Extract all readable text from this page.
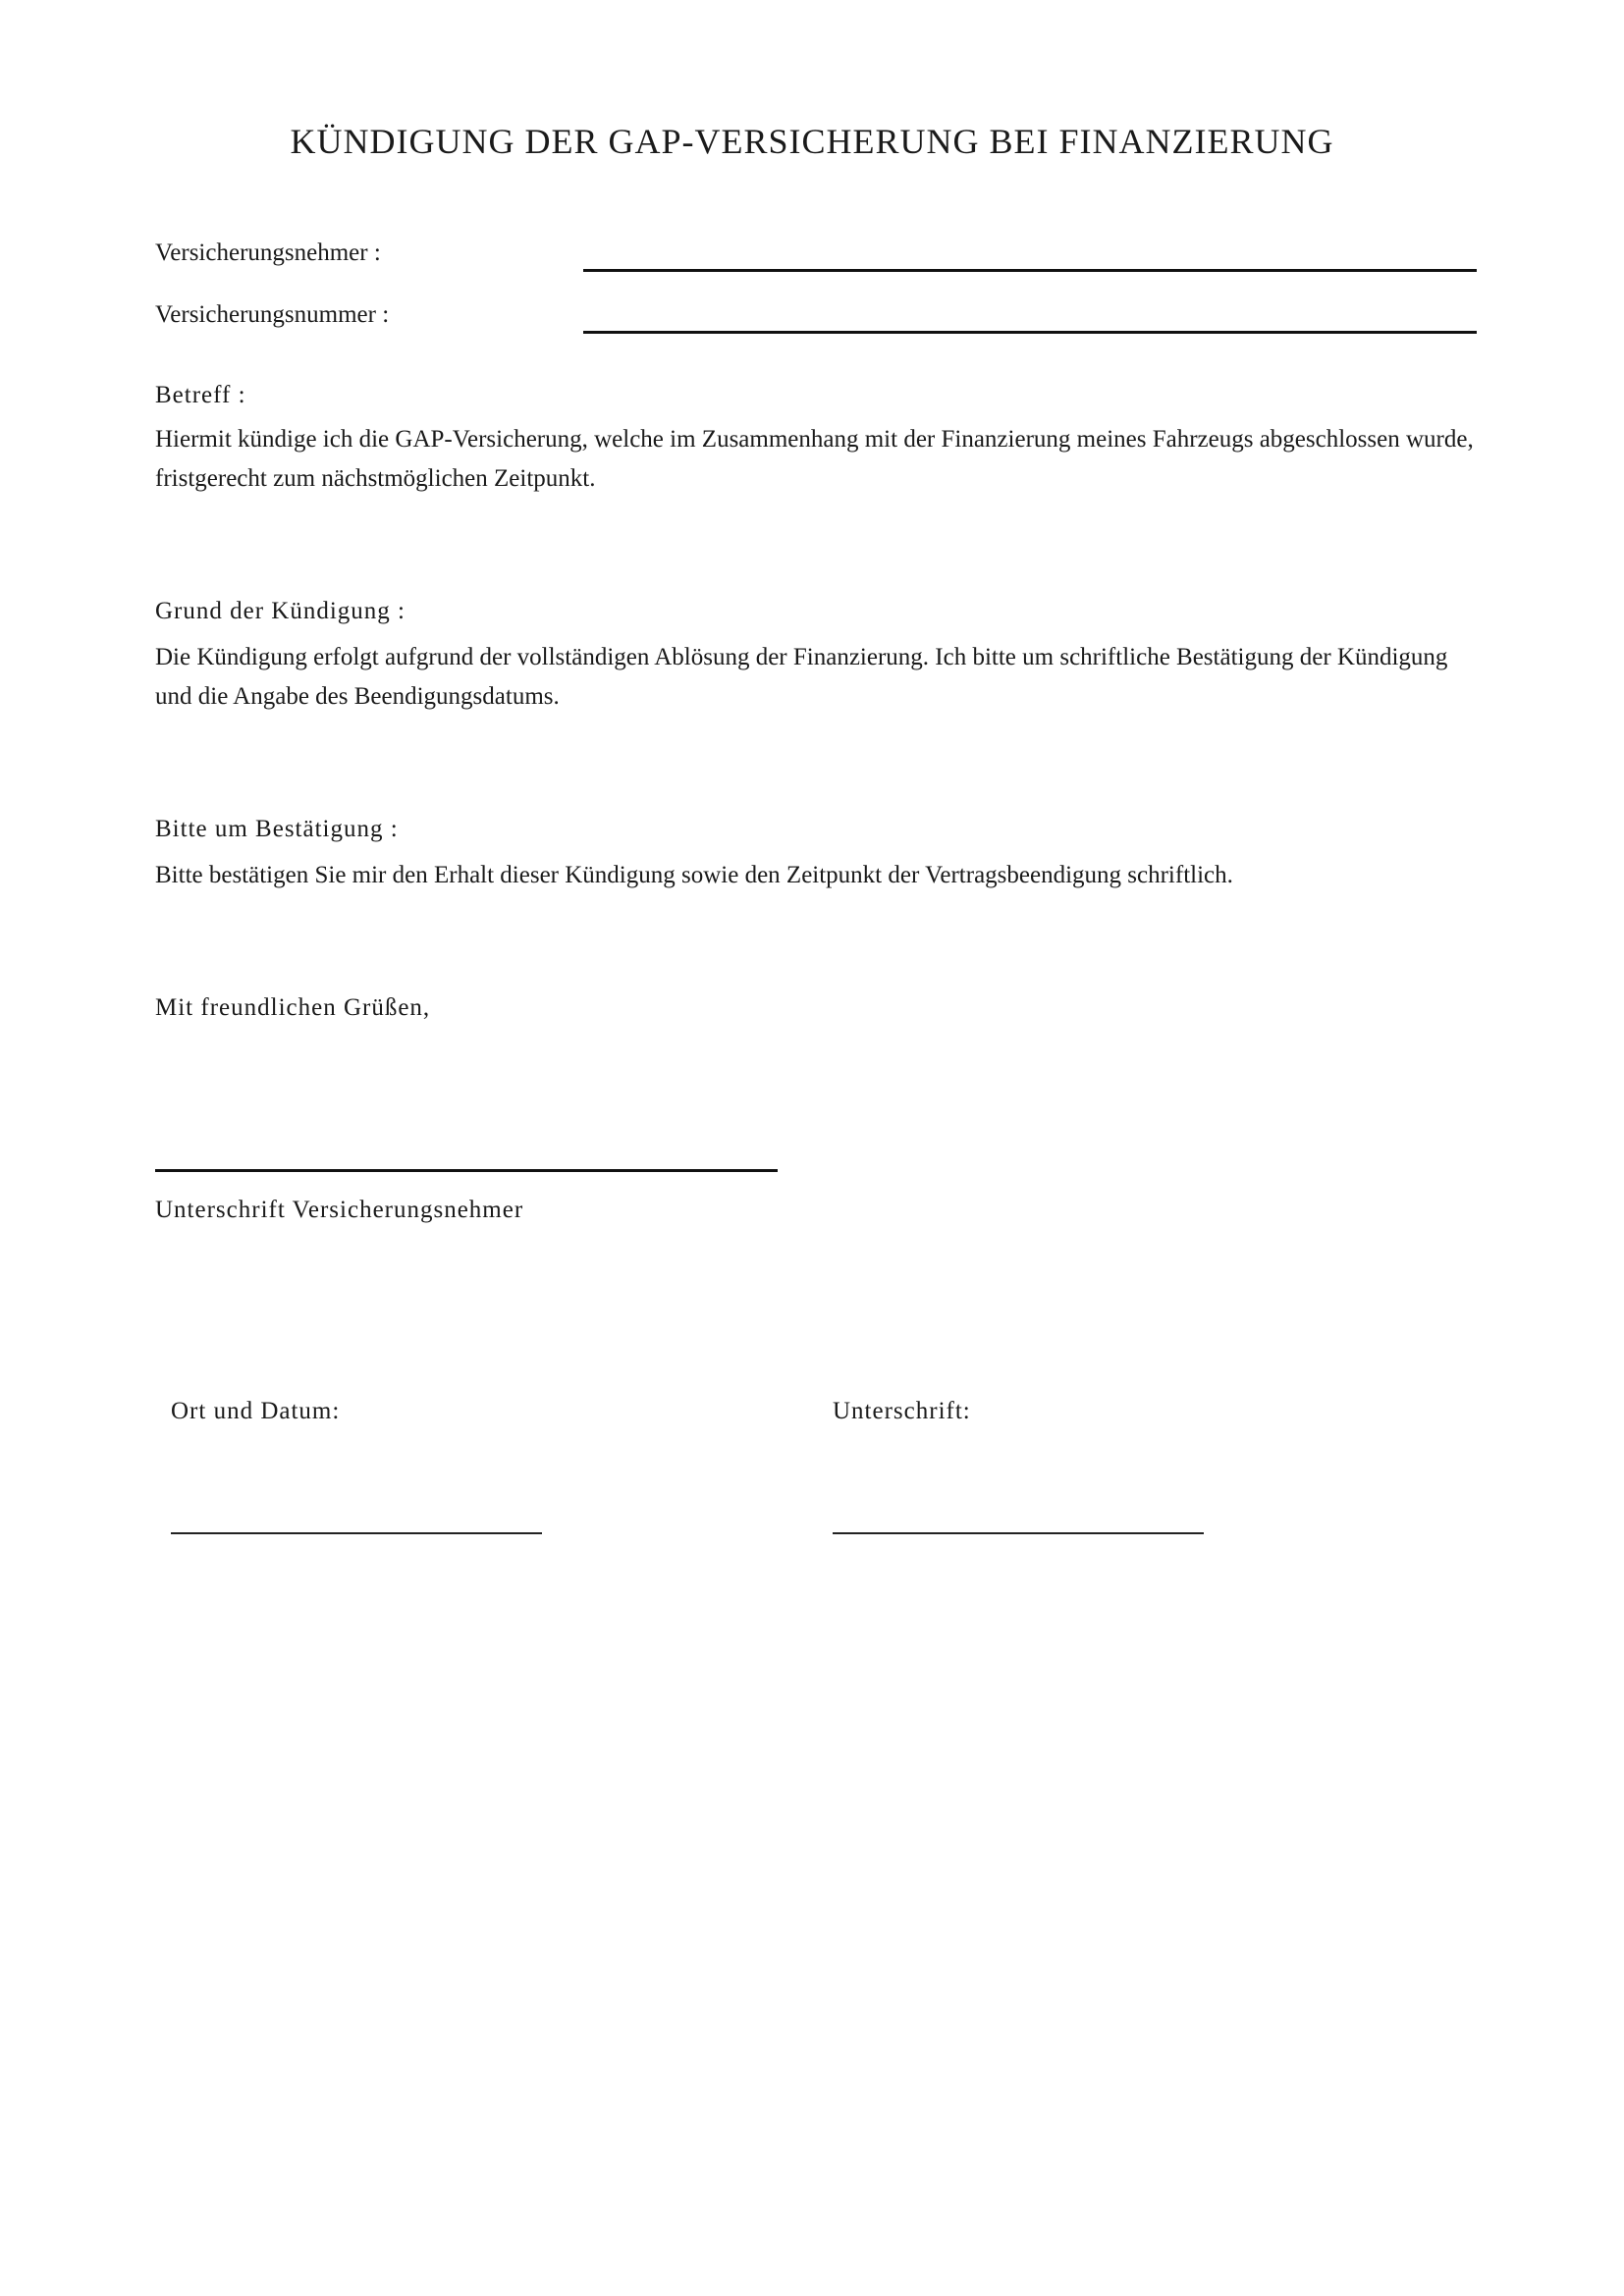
KÜNDIGUNG DER GAP-VERSICHERUNG BEI FINANZIERUNG
Versicherungsnehmer :
Versicherungsnummer :
Betreff :

Hiermit kündige ich die GAP-Versicherung, welche im Zusammenhang mit der Finanzierung meines Fahrzeugs abgeschlossen wurde, fristgerecht zum nächstmöglichen Zeitpunkt.

Grund der Kündigung :

Die Kündigung erfolgt aufgrund der vollständigen Ablösung der Finanzierung. Ich bitte um schriftliche Bestätigung der Kündigung und die Angabe des Beendigungsdatums.

Bitte um Bestätigung :

Bitte bestätigen Sie mir den Erhalt dieser Kündigung sowie den Zeitpunkt der Vertragsbeendigung schriftlich.

Mit freundlichen Grüßen,
Unterschrift Versicherungsnehmer
Ort und Datum:	Unterschrift:
